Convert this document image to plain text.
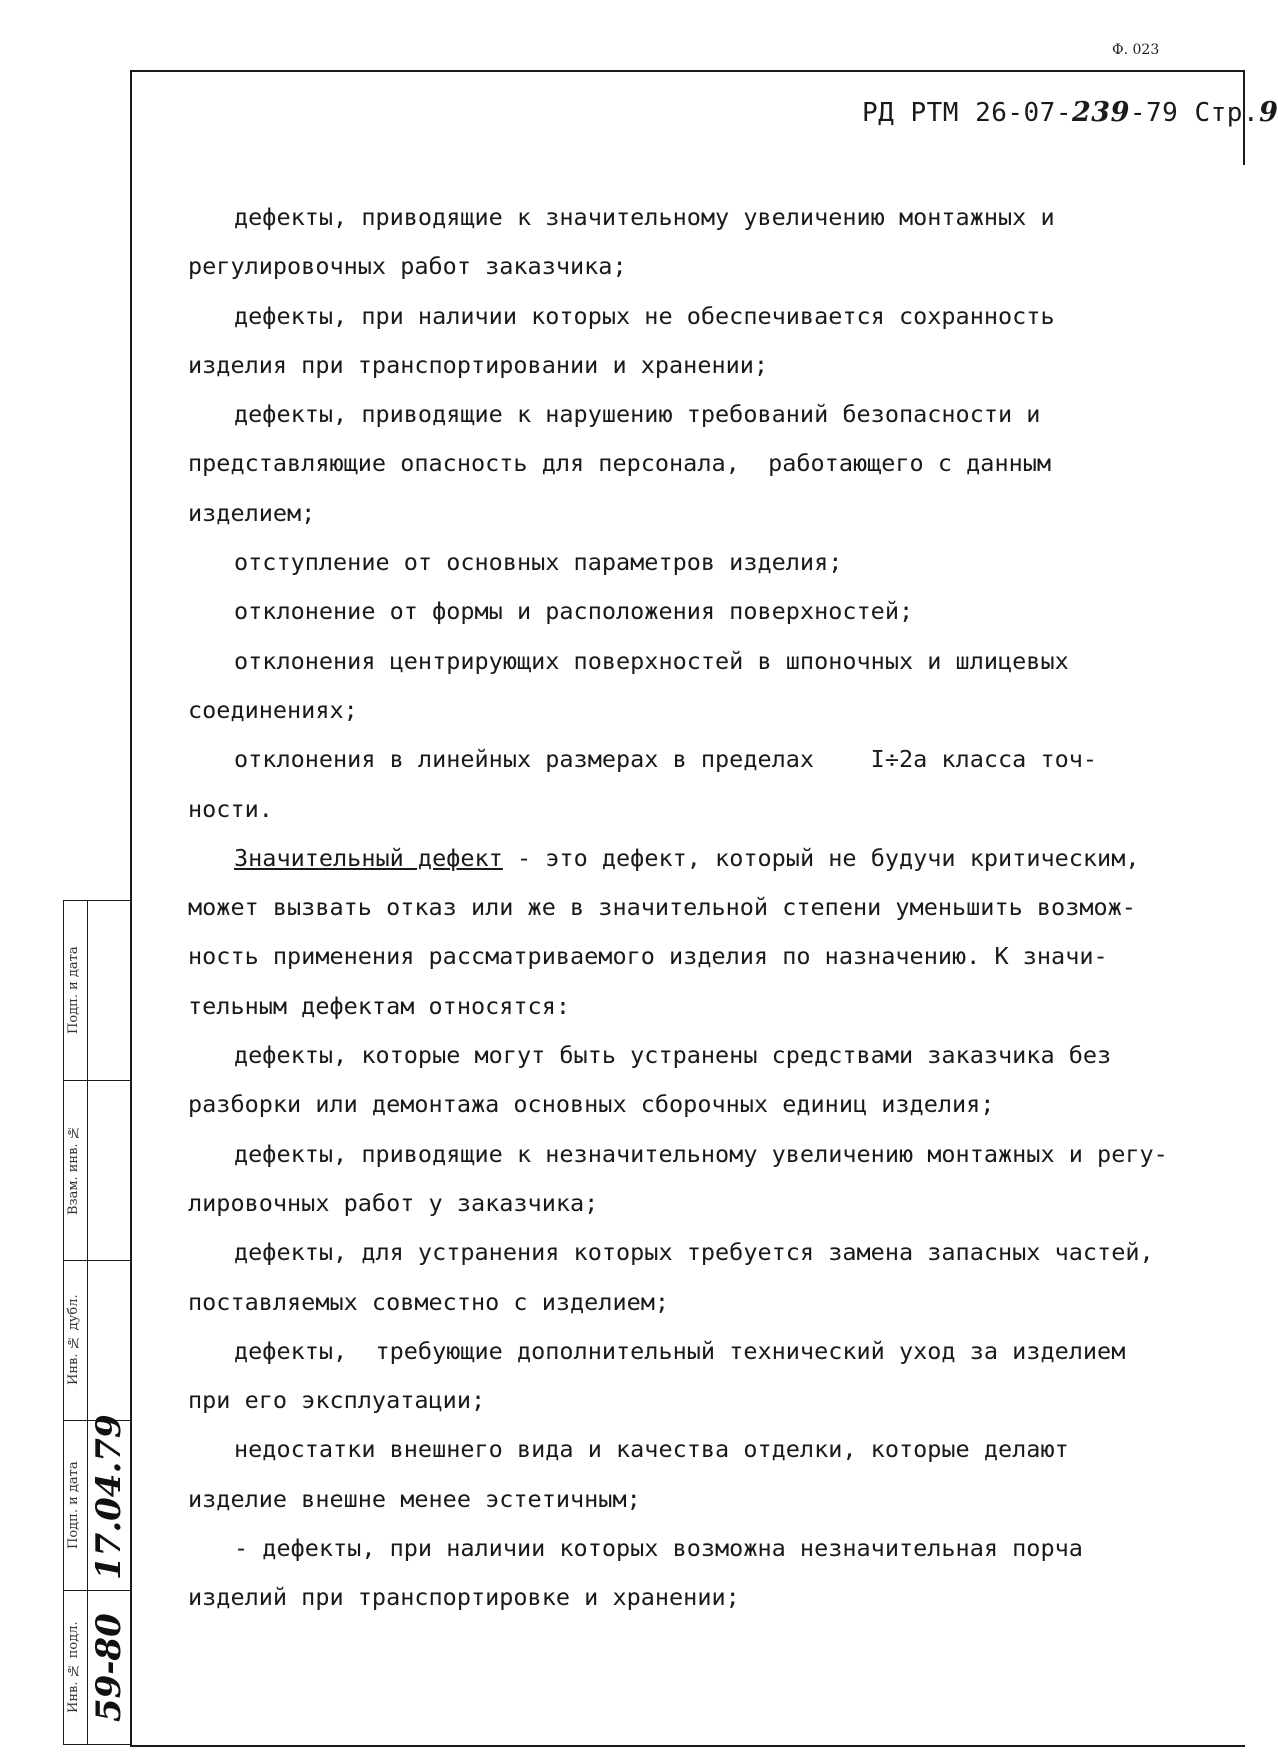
Ф. 023
РД РТМ 26-07-239-79 Стр.9

дефекты, приводящие к значительному увеличению монтажных и

регулировочных работ заказчика;

дефекты, при наличии которых не обеспечивается сохранность

изделия при транспортировании и хранении;

дефекты, приводящие к нарушению требований безопасности и

представляющие опасность для персонала,  работающего с данным

изделием;

отступление от основных параметров изделия;

отклонение от формы и расположения поверхностей;

отклонения центрирующих поверхностей в шпоночных и шлицевых

соединениях;

отклонения в линейных размерах в пределах    I÷2а класса точ-

ности.

Значительный дефект - это дефект, который не будучи критическим,

может вызвать отказ или же в значительной степени уменьшить возмож-

ность применения рассматриваемого изделия по назначению. К значи-

тельным дефектам относятся:

дефекты, которые могут быть устранены средствами заказчика без

разборки или демонтажа основных сборочных единиц изделия;

дефекты, приводящие к незначительному увеличению монтажных и регу-

лировочных работ у заказчика;

дефекты, для устранения которых требуется замена запасных частей,

поставляемых совместно с изделием;

дефекты,  требующие дополнительный технический уход за изделием

при его эксплуатации;

недостатки внешнего вида и качества отделки, которые делают

изделие внешне менее эстетичным;

- дефекты, при наличии которых возможна незначительная порча

изделий при транспортировке и хранении;

Подп. и дата
Взам. инв. №
Инв. № дубл.
Подп. и дата
Инв. № подл.
17.04.79
59-80
